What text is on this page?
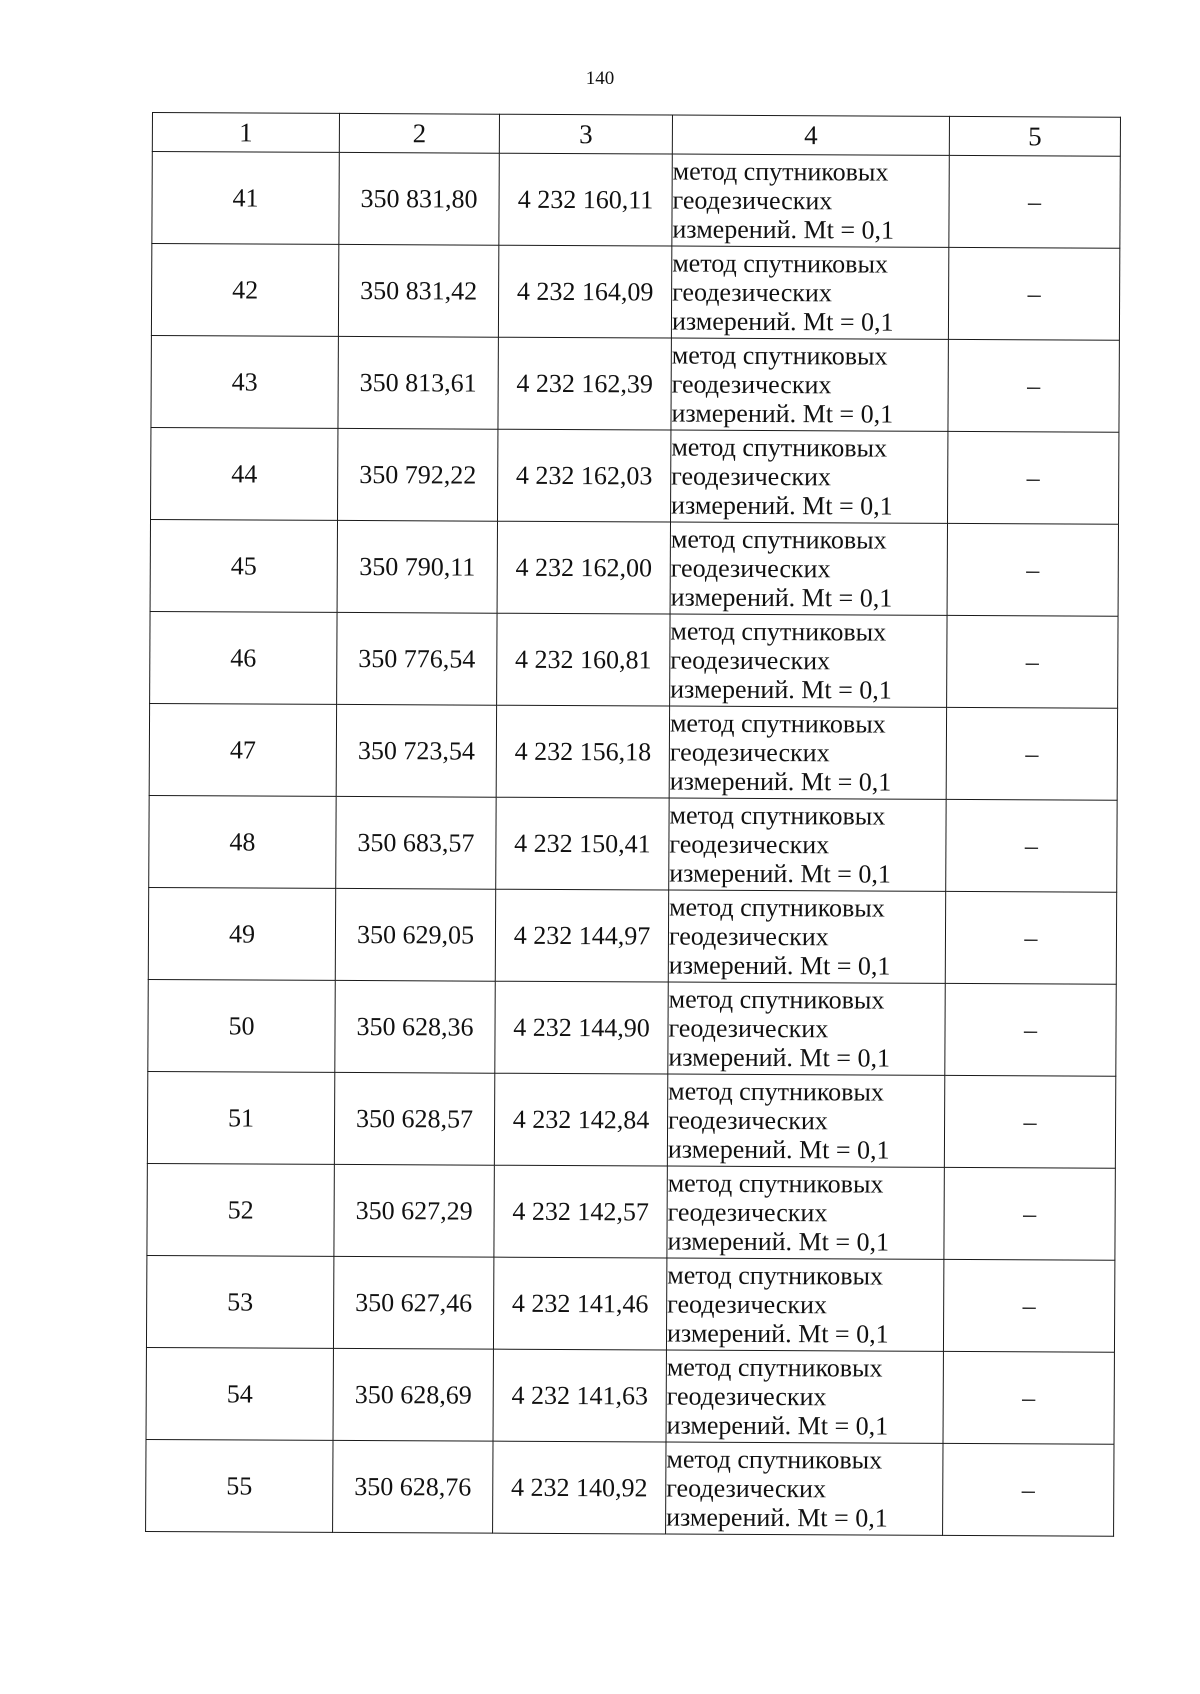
140
1	2	3	4	5
41	350 831,80	4 232 160,11	метод спутниковых
геодезических
измерений. Mt = 0,1	–
42	350 831,42	4 232 164,09	метод спутниковых
геодезических
измерений. Mt = 0,1	–
43	350 813,61	4 232 162,39	метод спутниковых
геодезических
измерений. Mt = 0,1	–
44	350 792,22	4 232 162,03	метод спутниковых
геодезических
измерений. Mt = 0,1	–
45	350 790,11	4 232 162,00	метод спутниковых
геодезических
измерений. Mt = 0,1	–
46	350 776,54	4 232 160,81	метод спутниковых
геодезических
измерений. Mt = 0,1	–
47	350 723,54	4 232 156,18	метод спутниковых
геодезических
измерений. Mt = 0,1	–
48	350 683,57	4 232 150,41	метод спутниковых
геодезических
измерений. Mt = 0,1	–
49	350 629,05	4 232 144,97	метод спутниковых
геодезических
измерений. Mt = 0,1	–
50	350 628,36	4 232 144,90	метод спутниковых
геодезических
измерений. Mt = 0,1	–
51	350 628,57	4 232 142,84	метод спутниковых
геодезических
измерений. Mt = 0,1	–
52	350 627,29	4 232 142,57	метод спутниковых
геодезических
измерений. Mt = 0,1	–
53	350 627,46	4 232 141,46	метод спутниковых
геодезических
измерений. Mt = 0,1	–
54	350 628,69	4 232 141,63	метод спутниковых
геодезических
измерений. Mt = 0,1	–
55	350 628,76	4 232 140,92	метод спутниковых
геодезических
измерений. Mt = 0,1	–
